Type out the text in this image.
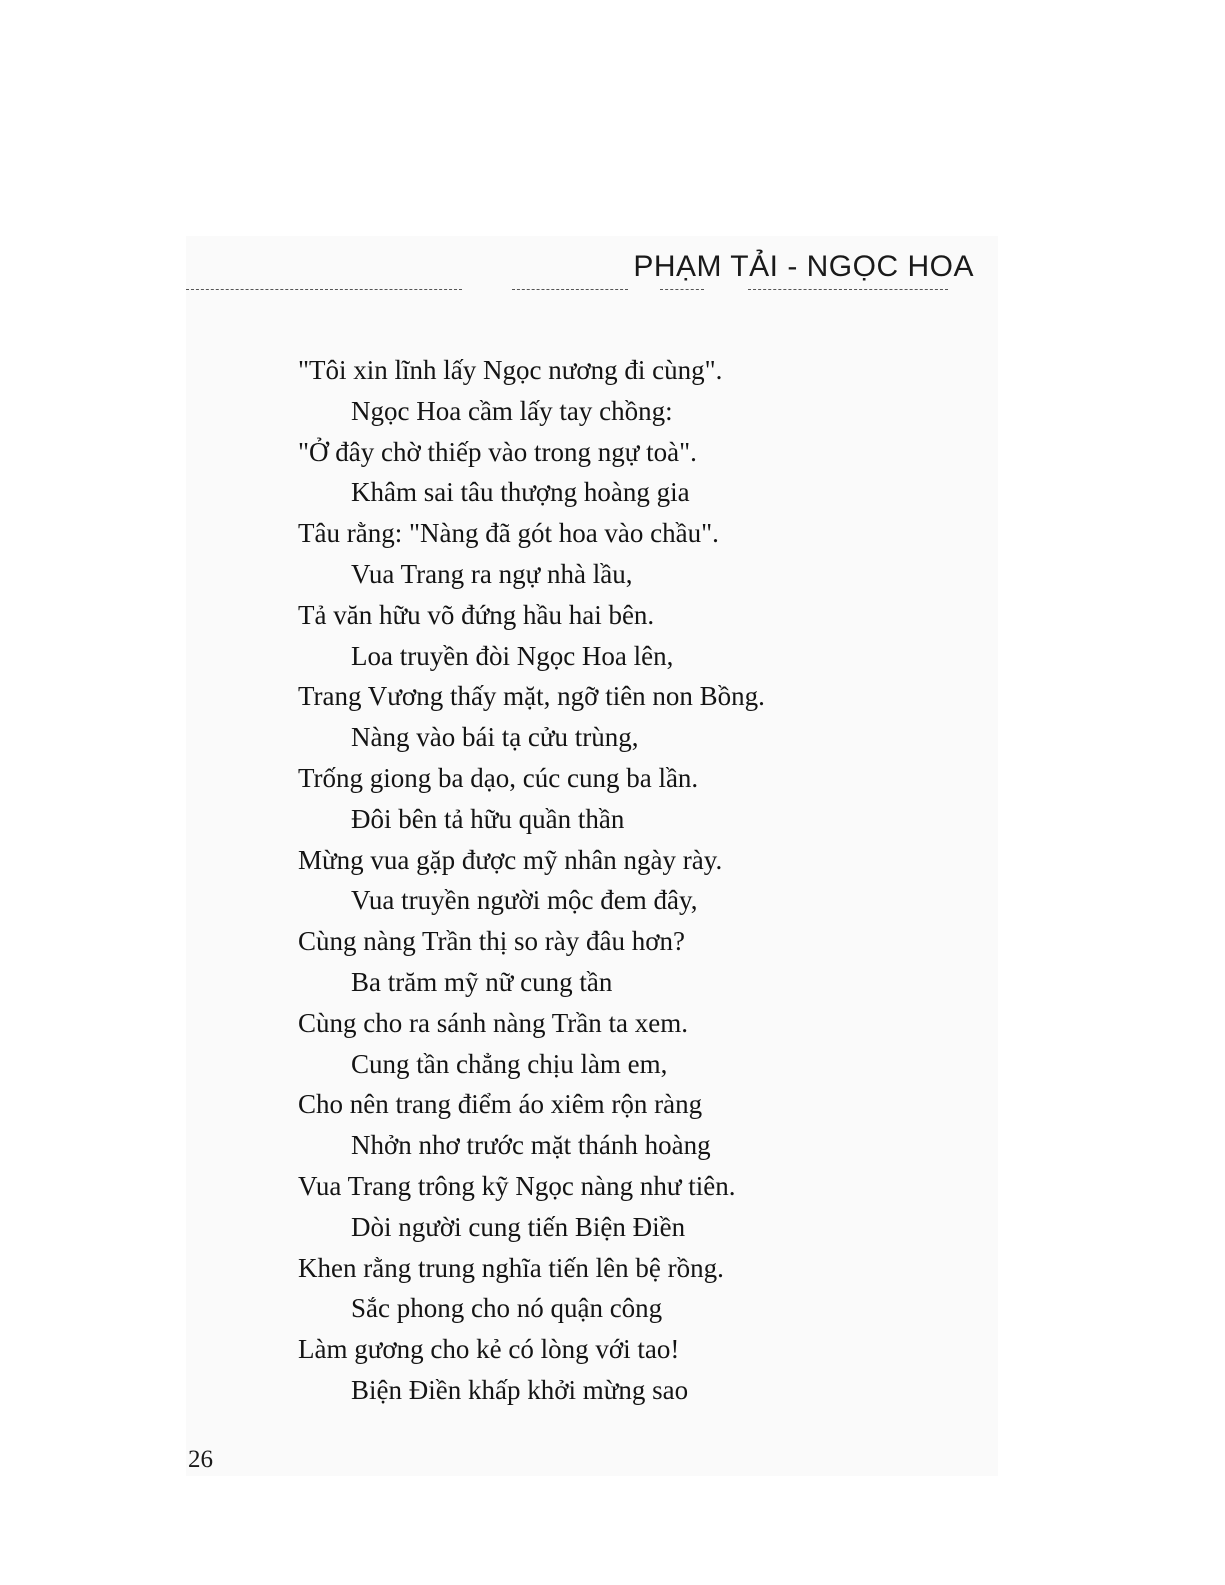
PHẠM TẢI - NGỌC HOA
"Tôi xin lĩnh lấy Ngọc nương đi cùng".
Ngọc Hoa cầm lấy tay chồng:
"Ở đây chờ thiếp vào trong ngự toà".
Khâm sai tâu thượng hoàng gia
Tâu rằng: "Nàng đã gót hoa vào chầu".
Vua Trang ra ngự nhà lầu,
Tả văn hữu võ đứng hầu hai bên.
Loa truyền đòi Ngọc Hoa lên,
Trang Vương thấy mặt, ngỡ tiên non Bồng.
Nàng vào bái tạ cửu trùng,
Trống giong ba dạo, cúc cung ba lần.
Đôi bên tả hữu quần thần
Mừng vua gặp được mỹ nhân ngày rày.
Vua truyền người mộc đem đây,
Cùng nàng Trần thị so rày đâu hơn?
Ba trăm mỹ nữ cung tần
Cùng cho ra sánh nàng Trần ta xem.
Cung tần chẳng chịu làm em,
Cho nên trang điểm áo xiêm rộn ràng
Nhởn nhơ trước mặt thánh hoàng
Vua Trang trông kỹ Ngọc nàng như tiên.
Dòi người cung tiến Biện Điền
Khen rằng trung nghĩa tiến lên bệ rồng.
Sắc phong cho nó quận công
Làm gương cho kẻ có lòng với tao!
Biện Điền khấp khởi mừng sao
26
